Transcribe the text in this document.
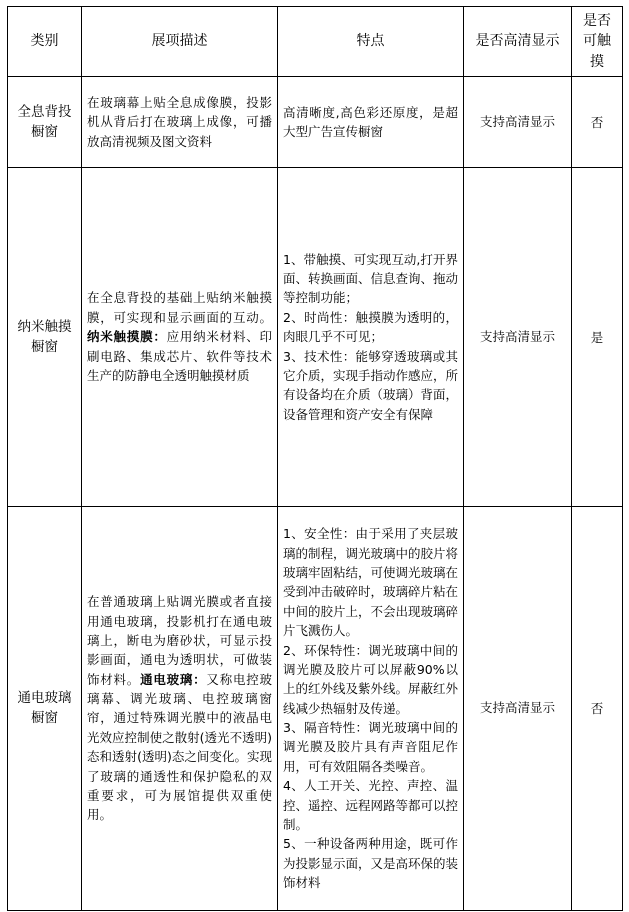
类别	展项描述	特点	是否高清显示	是否可触摸
全息背投橱窗	在玻璃幕上贴全息成像膜，投影机从背后打在玻璃上成像，可播放高清视频及图文资料	高清晰度,高色彩还原度，是超大型广告宣传橱窗	支持高清显示	否
纳米触摸橱窗	在全息背投的基础上贴纳米触摸膜，可实现和显示画面的互动。纳米触摸膜：应用纳米材料、印刷电路、集成芯片、软件等技术生产的防静电全透明触摸材质	1、带触摸、可实现互动,打开界面、转换画面、信息查询、拖动等控制功能；

2、时尚性：触摸膜为透明的，肉眼几乎不可见；

3、技术性：能够穿透玻璃或其它介质，实现手指动作感应，所有设备均在介质（玻璃）背面，设备管理和资产安全有保障	支持高清显示	是
通电玻璃橱窗	在普通玻璃上贴调光膜或者直接用通电玻璃，投影机打在通电玻璃上，断电为磨砂状，可显示投影画面，通电为透明状，可做装饰材料。通电玻璃：又称电控玻璃幕、调光玻璃、电控玻璃窗帘，通过特殊调光膜中的液晶电光效应控制使之散射(透光不透明)态和透射(透明)态之间变化。实现了玻璃的通透性和保护隐私的双重要求，可为展馆提供双重使用。	1、安全性：由于采用了夹层玻璃的制程，调光玻璃中的胶片将玻璃牢固粘结，可使调光玻璃在受到冲击破碎时，玻璃碎片粘在中间的胶片上，不会出现玻璃碎片飞溅伤人。

2、环保特性：调光玻璃中间的调光膜及胶片可以屏蔽90%以上的红外线及紫外线。屏蔽红外线减少热辐射及传递。

3、隔音特性：调光玻璃中间的调光膜及胶片具有声音阻尼作用，可有效阻隔各类噪音。

4、人工开关、光控、声控、温控、遥控、远程网路等都可以控制。

5、一种设备两种用途，既可作为投影显示面，又是高环保的装饰材料	支持高清显示	否
